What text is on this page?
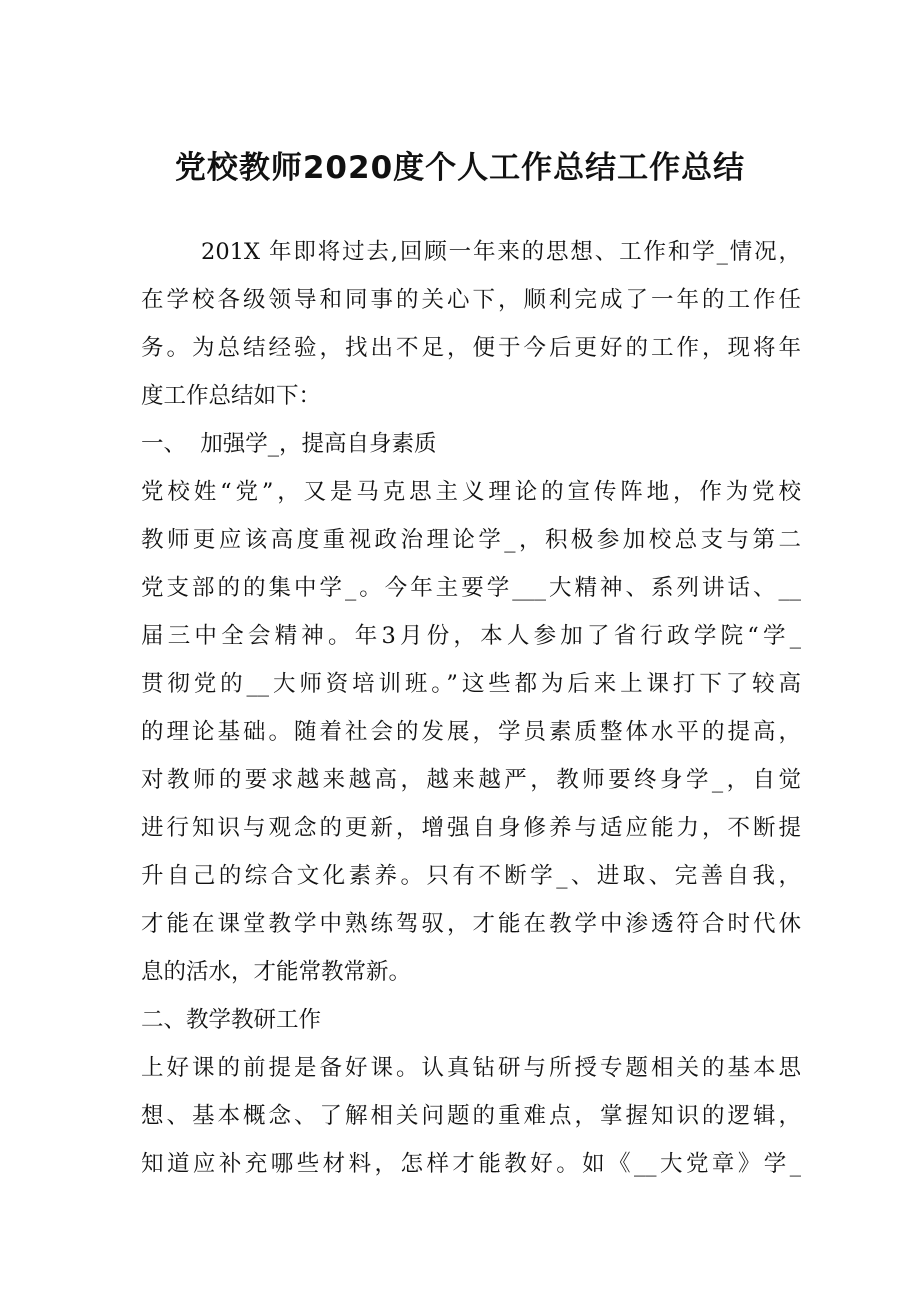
党校教师2020度个人工作总结工作总结
201X 年即将过去,回顾一年来的思想、工作和学_情况，
在学校各级领导和同事的关心下，顺利完成了一年的工作任
务。为总结经验，找出不足，便于今后更好的工作，现将年
度工作总结如下：
一、  加强学_，提高自身素质
党校姓“党”，又是马克思主义理论的宣传阵地，作为党校
教师更应该高度重视政治理论学_，积极参加校总支与第二
党支部的的集中学_。今年主要学___大精神、系列讲话、__
届三中全会精神。年3月份，本人参加了省行政学院“学_
贯彻党的__大师资培训班。”这些都为后来上课打下了较高
的理论基础。随着社会的发展，学员素质整体水平的提高，
对教师的要求越来越高，越来越严，教师要终身学_，自觉
进行知识与观念的更新，增强自身修养与适应能力，不断提
升自己的综合文化素养。只有不断学_、进取、完善自我，
才能在课堂教学中熟练驾驭，才能在教学中渗透符合时代休
息的活水，才能常教常新。
二、教学教研工作
上好课的前提是备好课。认真钻研与所授专题相关的基本思
想、基本概念、了解相关问题的重难点，掌握知识的逻辑，
知道应补充哪些材料，怎样才能教好。如《__大党章》学_
